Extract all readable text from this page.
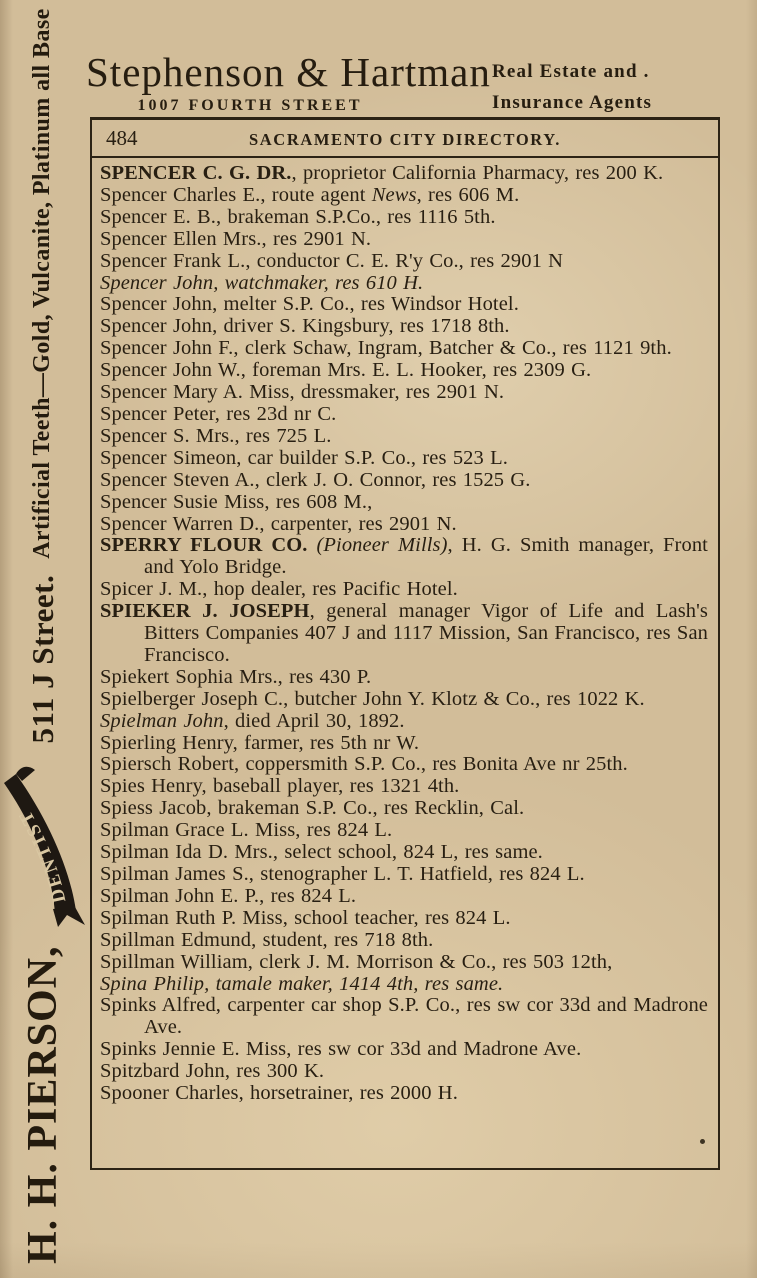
H. H. PIERSON,
DENTIST
511 J Street.
Artificial Teeth—Gold, Vulcanite, Platinum all Base Stephenson & Hartman
1007 FOURTH STREET
Real Estate and .
Insurance Agents
484	SACRAMENTO CITY DIRECTORY.
SPENCER C. G. DR., proprietor California Pharmacy, res 200 K.
Spencer Charles E., route agent News, res 606 M.
Spencer E. B., brakeman S.P.Co., res 1116 5th.
Spencer Ellen Mrs., res 2901 N.
Spencer Frank L., conductor C. E. R'y Co., res 2901 N
Spencer John, watchmaker, res 610 H.
Spencer John, melter S.P. Co., res Windsor Hotel.
Spencer John, driver S. Kingsbury, res 1718 8th.
Spencer John F., clerk Schaw, Ingram, Batcher & Co., res 1121 9th.
Spencer John W., foreman Mrs. E. L. Hooker, res 2309 G.
Spencer Mary A. Miss, dressmaker, res 2901 N.
Spencer Peter, res 23d nr C.
Spencer S. Mrs., res 725 L.
Spencer Simeon, car builder S.P. Co., res 523 L.
Spencer Steven A., clerk J. O. Connor, res 1525 G.
Spencer Susie Miss, res 608 M.,
Spencer Warren D., carpenter, res 2901 N.
SPERRY FLOUR CO. (Pioneer Mills), H. G. Smith manager, Front and Yolo Bridge.
Spicer J. M., hop dealer, res Pacific Hotel.
SPIEKER J. JOSEPH, general manager Vigor of Life and Lash's Bitters Companies 407 J and 1117 Mission, San Francisco, res San Francisco.
Spiekert Sophia Mrs., res 430 P.
Spielberger Joseph C., butcher John Y. Klotz & Co., res 1022 K.
Spielman John, died April 30, 1892.
Spierling Henry, farmer, res 5th nr W.
Spiersch Robert, coppersmith S.P. Co., res Bonita Ave nr 25th.
Spies Henry, baseball player, res 1321 4th.
Spiess Jacob, brakeman S.P. Co., res Recklin, Cal.
Spilman Grace L. Miss, res 824 L.
Spilman Ida D. Mrs., select school, 824 L, res same.
Spilman James S., stenographer L. T. Hatfield, res 824 L.
Spilman John E. P., res 824 L.
Spilman Ruth P. Miss, school teacher, res 824 L.
Spillman Edmund, student, res 718 8th.
Spillman William, clerk J. M. Morrison & Co., res 503 12th,
Spina Philip, tamale maker, 1414 4th, res same.
Spinks Alfred, carpenter car shop S.P. Co., res sw cor 33d and Madrone Ave.
Spinks Jennie E. Miss, res sw cor 33d and Madrone Ave.
Spitzbard John, res 300 K.
Spooner Charles, horsetrainer, res 2000 H.
